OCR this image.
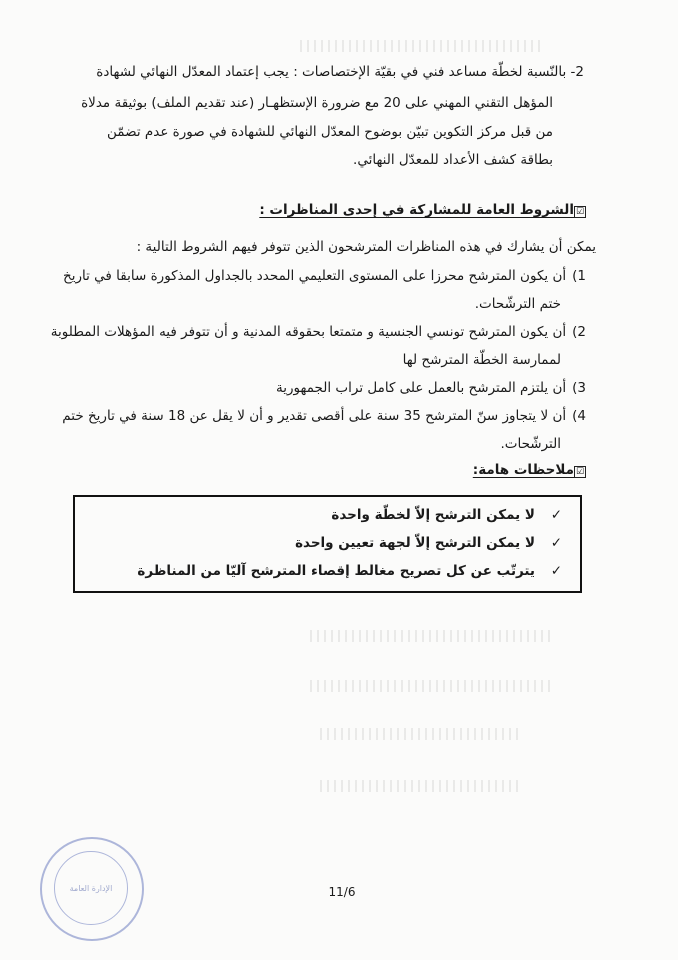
2- بالنّسبة لخطّة مساعد فني في بقيّة الإختصاصات : يجب إعتماد المعدّل النهائي لشهادة
المؤهل التقني المهني على 20 مع ضرورة الإستظهـار (عند تقديم الملف) بوثيقة مدلاة
من قبل مركز التكوين تبيّن بوضوح المعدّل النهائي للشهادة في صورة عدم تضمّن
بطاقة كشف الأعداد للمعدّل النهائي.
☑
الشروط العامة للمشاركة في إحدى المناظرات :
يمكن أن يشارك في هذه المناظرات المترشحون الذين تتوفر فيهم الشروط التالية :
1)أن يكون المترشح محرزا على المستوى التعليمي المحدد بالجداول المذكورة سابقا في تاريخ
ختم الترشّحات.
2)أن يكون المترشح تونسي الجنسية و متمتعا بحقوقه المدنية و أن تتوفر فيه المؤهلات المطلوبة
لممارسة الخطّة المترشح لها
3)أن يلتزم المترشح بالعمل على كامل تراب الجمهورية
4)أن لا يتجاوز سنّ المترشح 35 سنة على أقصى تقدير و أن لا يقل عن 18 سنة في تاريخ ختم
الترشّحات.
☑
ملاحظات هامة:
✓
لا يمكن الترشح إلاّ لخطّة واحدة
✓
لا يمكن الترشح إلاّ لجهة تعيين واحدة
✓
يترتّب عن كل تصريح مغالط إقصاء المترشح آليّا من المناظرة
الإدارة العامة	11/6
